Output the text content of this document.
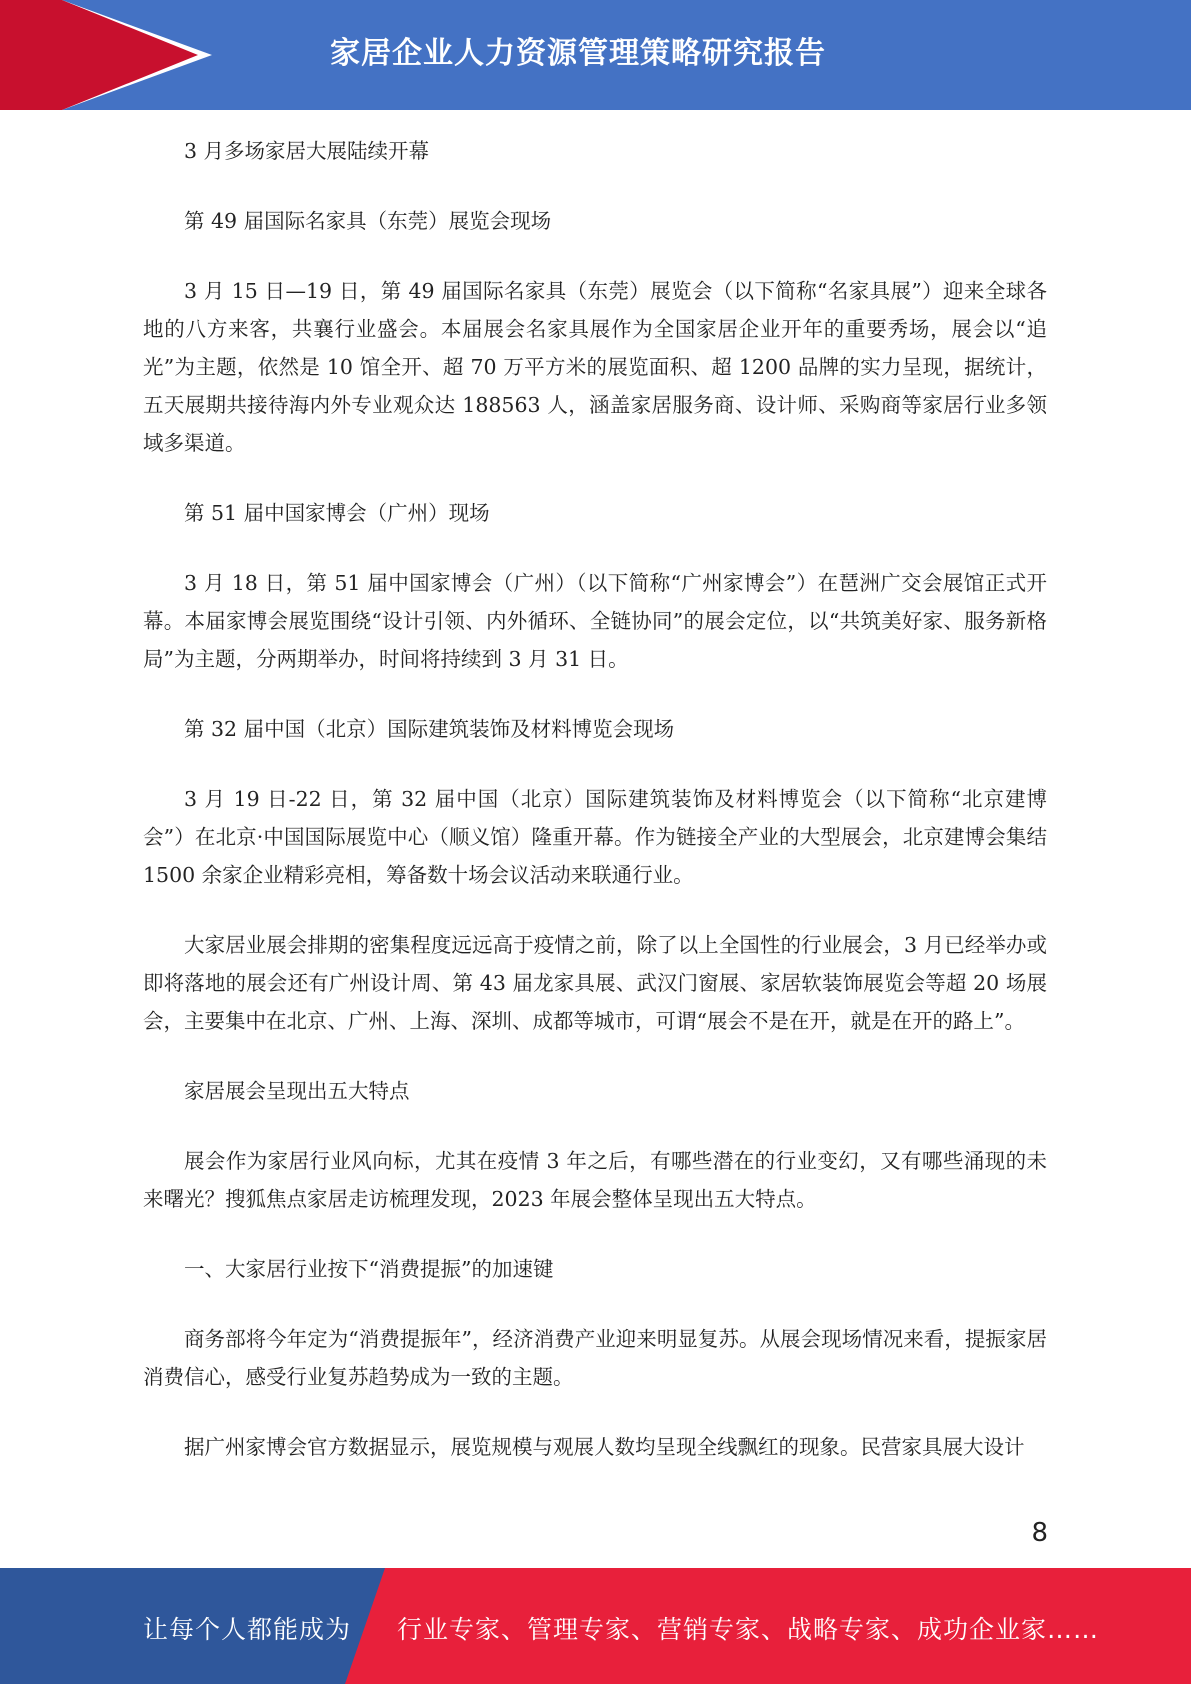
家居企业人力资源管理策略研究报告

3 月多场家居大展陆续开幕

第 49 届国际名家具（东莞）展览会现场

3 月 15 日—19 日，第 49 届国际名家具（东莞）展览会（以下简称“名家具展”）迎来全球各地的八方来客，共襄行业盛会。本届展会名家具展作为全国家居企业开年的重要秀场，展会以“追光”为主题，依然是 10 馆全开、超 70 万平方米的展览面积、超 1200 品牌的实力呈现，据统计，五天展期共接待海内外专业观众达 188563 人，涵盖家居服务商、设计师、采购商等家居行业多领域多渠道。

第 51 届中国家博会（广州）现场

3 月 18 日，第 51 届中国家博会（广州）（以下简称“广州家博会”）在琶洲广交会展馆正式开幕。本届家博会展览围绕“设计引领、内外循环、全链协同”的展会定位，以“共筑美好家、服务新格局”为主题，分两期举办，时间将持续到 3 月 31 日。

第 32 届中国（北京）国际建筑装饰及材料博览会现场

3 月 19 日-22 日，第 32 届中国（北京）国际建筑装饰及材料博览会（以下简称“北京建博会”）在北京·中国国际展览中心（顺义馆）隆重开幕。作为链接全产业的大型展会，北京建博会集结 1500 余家企业精彩亮相，筹备数十场会议活动来联通行业。

大家居业展会排期的密集程度远远高于疫情之前，除了以上全国性的行业展会，3 月已经举办或即将落地的展会还有广州设计周、第 43 届龙家具展、武汉门窗展、家居软装饰展览会等超 20 场展会，主要集中在北京、广州、上海、深圳、成都等城市，可谓“展会不是在开，就是在开的路上”。

家居展会呈现出五大特点

展会作为家居行业风向标，尤其在疫情 3 年之后，有哪些潜在的行业变幻，又有哪些涌现的未来曙光？搜狐焦点家居走访梳理发现，2023 年展会整体呈现出五大特点。

一、大家居行业按下“消费提振”的加速键

商务部将今年定为“消费提振年”，经济消费产业迎来明显复苏。从展会现场情况来看，提振家居消费信心，感受行业复苏趋势成为一致的主题。

据广州家博会官方数据显示，展览规模与观展人数均呈现全线飘红的现象。民营家具展大设计

8
让每个人都能成为 行业专家、管理专家、营销专家、战略专家、成功企业家……
